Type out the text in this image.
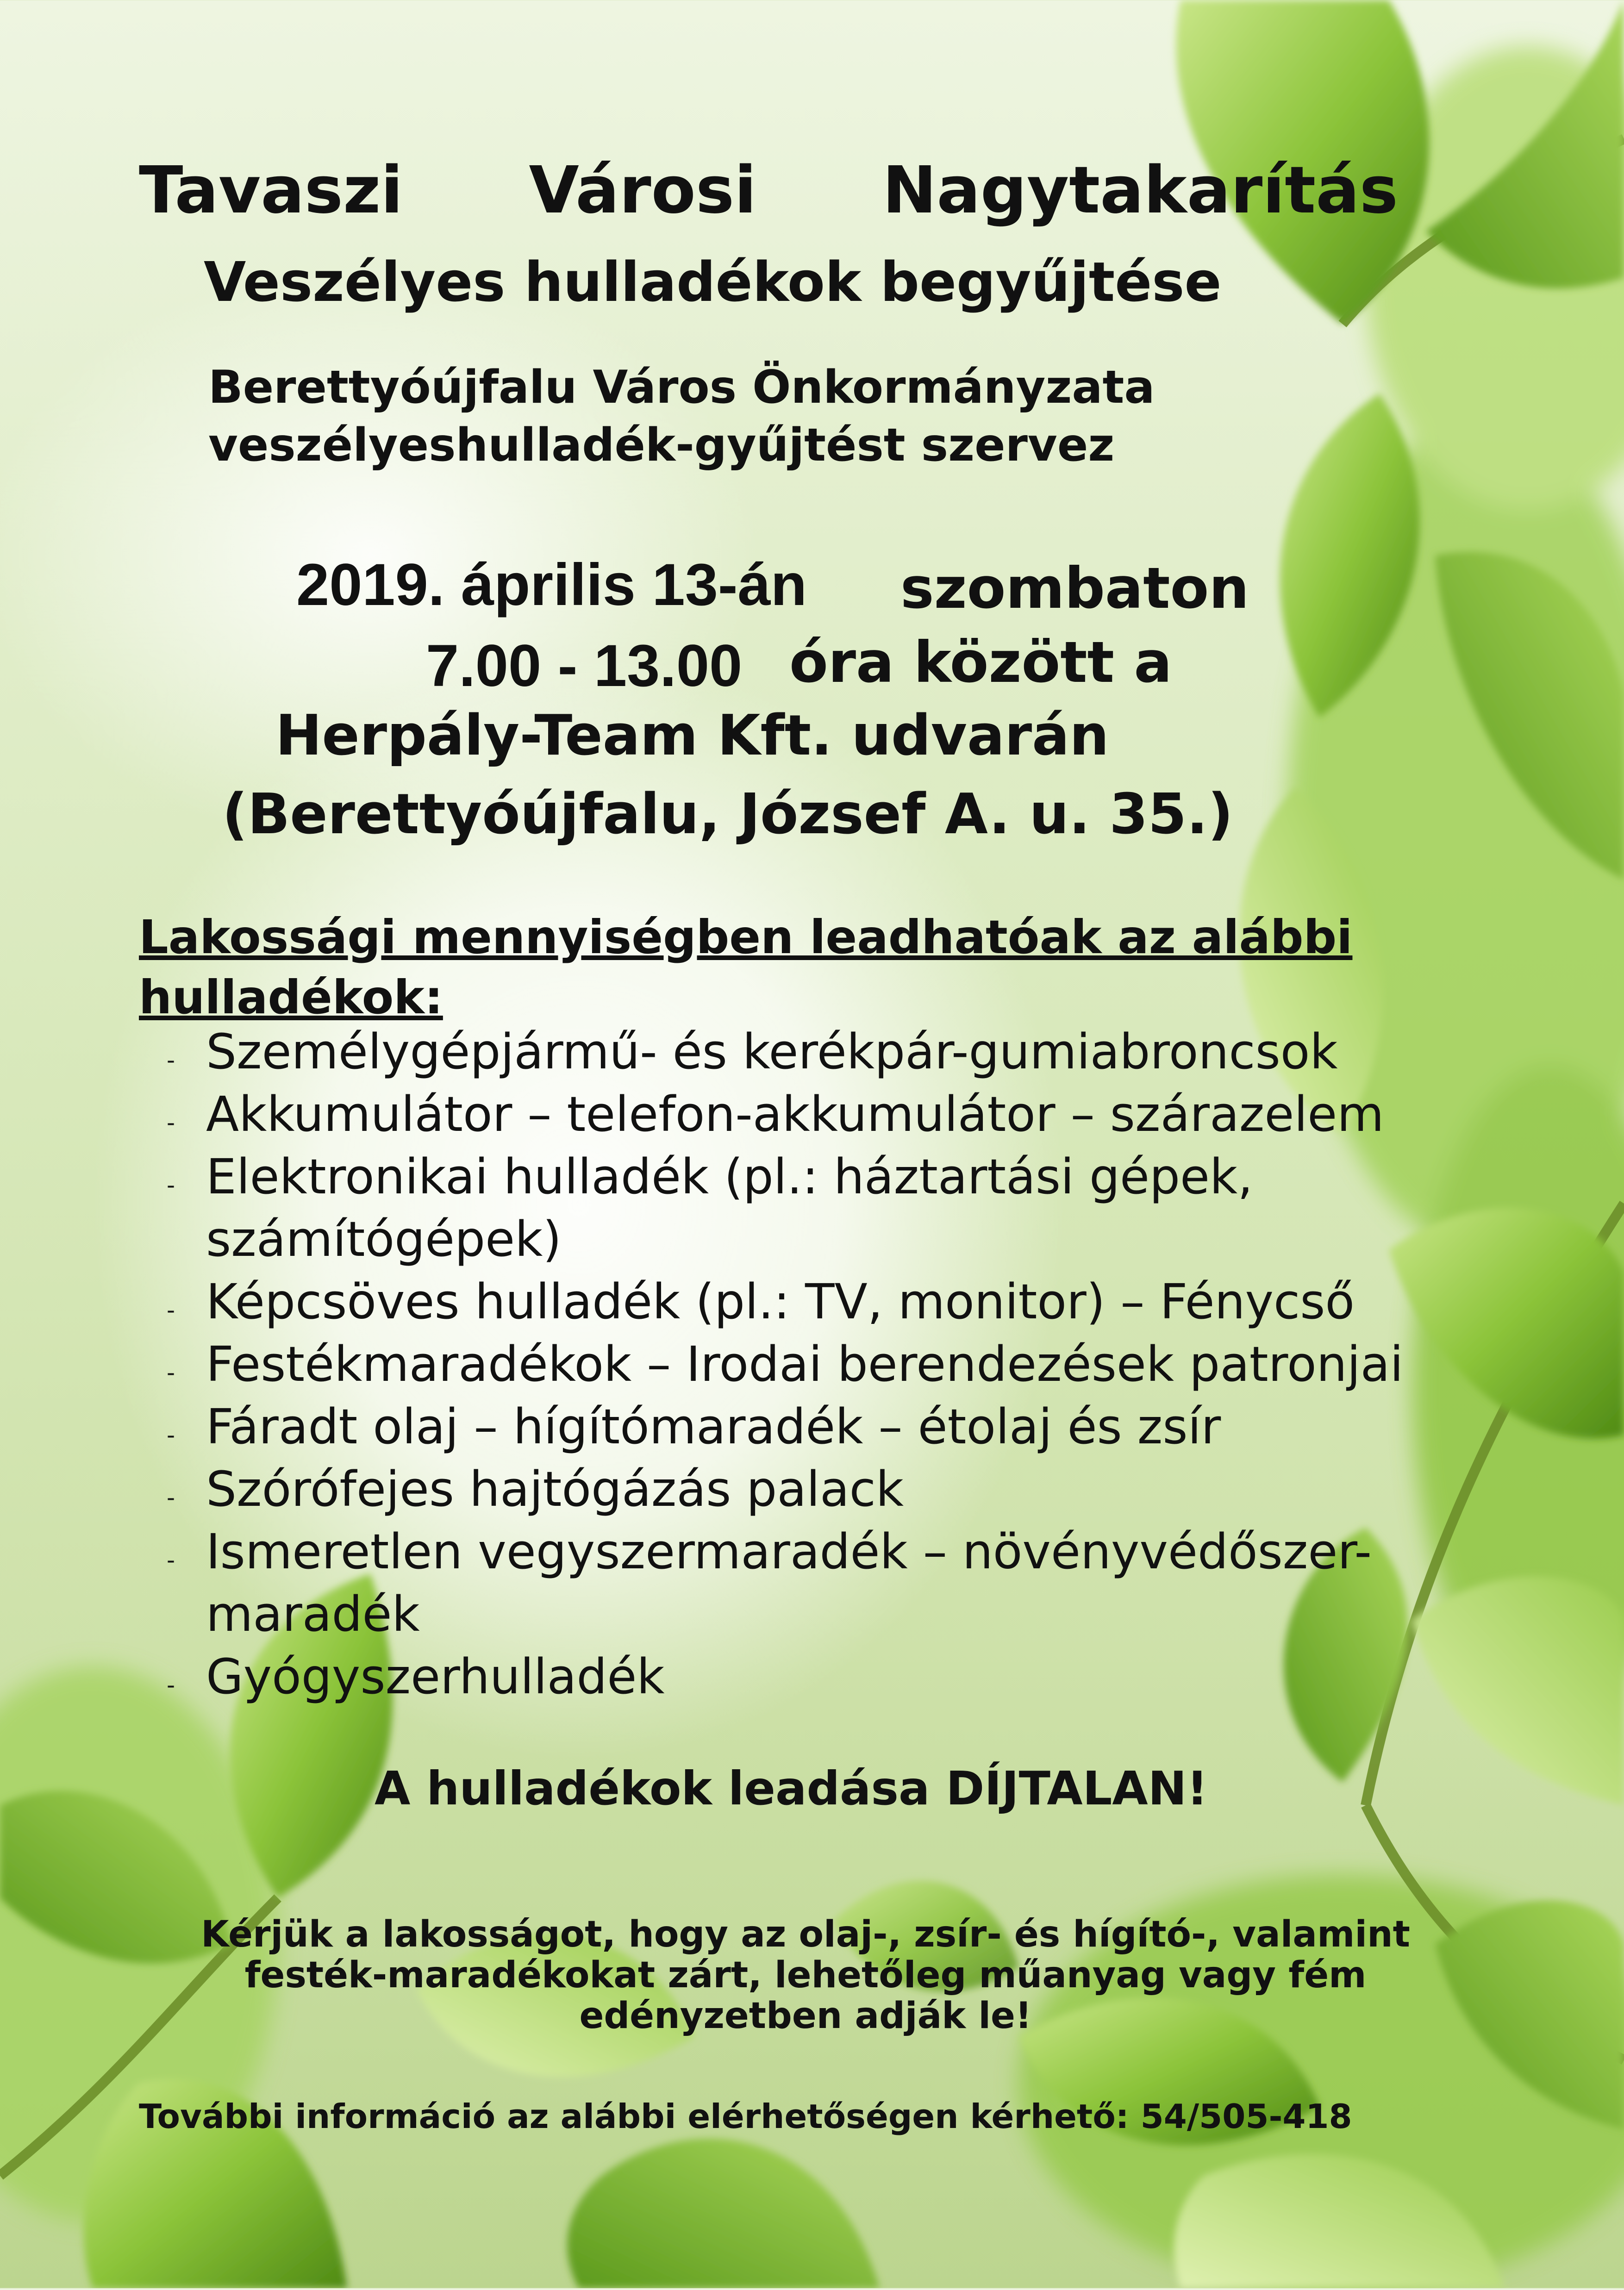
Tavaszi Városi Nagytakarítás
Veszélyes hulladékok begyűjtése
Berettyóújfalu Város Önkormányzata
veszélyeshulladék-gyűjtést szervez
2019. április 13-án szombaton
7.00 - 13.00 óra között a
Herpály-Team Kft. udvarán
(Berettyóújfalu, József A. u. 35.)
Lakossági mennyiségben leadhatóak az alábbi hulladékok:
- Személygépjármű- és kerékpár-gumiabroncsok
- Akkumulátor – telefon-akkumulátor – szárazelem
- Elektronikai hulladék (pl.: háztartási gépek, számítógépek)
- Képcsöves hulladék (pl.: TV, monitor) – Fénycső
- Festékmaradékok – Irodai berendezések patronjai
- Fáradt olaj – hígítómaradék – étolaj és zsír
- Szórófejes hajtógázás palack
- Ismeretlen vegyszermaradék – növényvédőszer-maradék
- Gyógyszerhulladék
A hulladékok leadása DÍJTALAN!
Kérjük a lakosságot, hogy az olaj-, zsír- és hígító-, valamint festék-maradékokat zárt, lehetőleg műanyag vagy fém edényzetben adják le!
További információ az alábbi elérhetőségen kérhető: 54/505-418
